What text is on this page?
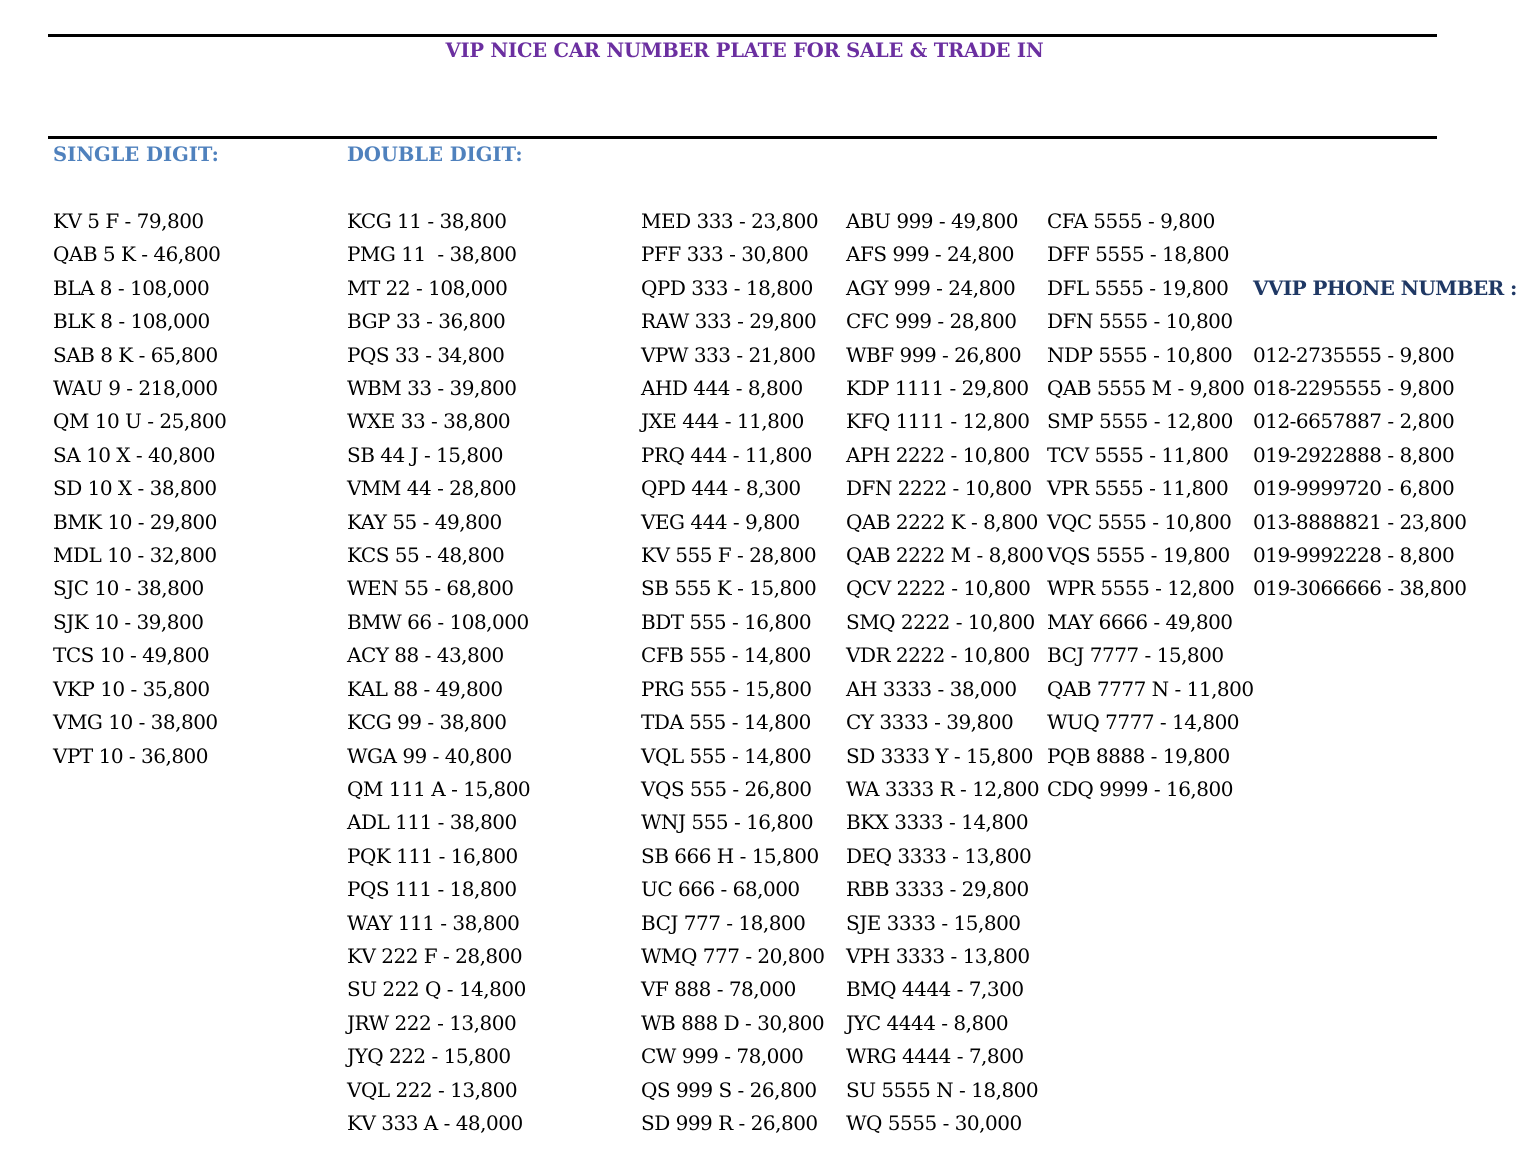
VIP NICE CAR NUMBER PLATE FOR SALE & TRADE IN
SINGLE DIGIT:	DOUBLE DIGIT:
KV 5 F - 79,800
QAB 5 K - 46,800
BLA 8 - 108,000
BLK 8 - 108,000
SAB 8 K - 65,800
WAU 9 - 218,000
QM 10 U - 25,800
SA 10 X - 40,800
SD 10 X - 38,800
BMK 10 - 29,800
MDL 10 - 32,800
SJC 10 - 38,800
SJK 10 - 39,800
TCS 10 - 49,800
VKP 10 - 35,800
VMG 10 - 38,800
VPT 10 - 36,800
KCG 11 - 38,800
PMG 11  - 38,800
MT 22 - 108,000
BGP 33 - 36,800
PQS 33 - 34,800
WBM 33 - 39,800
WXE 33 - 38,800
SB 44 J - 15,800
VMM 44 - 28,800
KAY 55 - 49,800
KCS 55 - 48,800
WEN 55 - 68,800
BMW 66 - 108,000
ACY 88 - 43,800
KAL 88 - 49,800
KCG 99 - 38,800
WGA 99 - 40,800
QM 111 A - 15,800
ADL 111 - 38,800
PQK 111 - 16,800
PQS 111 - 18,800
WAY 111 - 38,800
KV 222 F - 28,800
SU 222 Q - 14,800
JRW 222 - 13,800
JYQ 222 - 15,800
VQL 222 - 13,800
KV 333 A - 48,000
MED 333 - 23,800
PFF 333 - 30,800
QPD 333 - 18,800
RAW 333 - 29,800
VPW 333 - 21,800
AHD 444 - 8,800
JXE 444 - 11,800
PRQ 444 - 11,800
QPD 444 - 8,300
VEG 444 - 9,800
KV 555 F - 28,800
SB 555 K - 15,800
BDT 555 - 16,800
CFB 555 - 14,800
PRG 555 - 15,800
TDA 555 - 14,800
VQL 555 - 14,800
VQS 555 - 26,800
WNJ 555 - 16,800
SB 666 H - 15,800
UC 666 - 68,000
BCJ 777 - 18,800
WMQ 777 - 20,800
VF 888 - 78,000
WB 888 D - 30,800
CW 999 - 78,000
QS 999 S - 26,800
SD 999 R - 26,800
ABU 999 - 49,800
AFS 999 - 24,800
AGY 999 - 24,800
CFC 999 - 28,800
WBF 999 - 26,800
KDP 1111 - 29,800
KFQ 1111 - 12,800
APH 2222 - 10,800
DFN 2222 - 10,800
QAB 2222 K - 8,800
QAB 2222 M - 8,800
QCV 2222 - 10,800
SMQ 2222 - 10,800
VDR 2222 - 10,800
AH 3333 - 38,000
CY 3333 - 39,800
SD 3333 Y - 15,800
WA 3333 R - 12,800
BKX 3333 - 14,800
DEQ 3333 - 13,800
RBB 3333 - 29,800
SJE 3333 - 15,800
VPH 3333 - 13,800
BMQ 4444 - 7,300
JYC 4444 - 8,800
WRG 4444 - 7,800
SU 5555 N - 18,800
WQ 5555 - 30,000
CFA 5555 - 9,800
DFF 5555 - 18,800
DFL 5555 - 19,800
DFN 5555 - 10,800
NDP 5555 - 10,800
QAB 5555 M - 9,800
SMP 5555 - 12,800
TCV 5555 - 11,800
VPR 5555 - 11,800
VQC 5555 - 10,800
VQS 5555 - 19,800
WPR 5555 - 12,800
MAY 6666 - 49,800
BCJ 7777 - 15,800
QAB 7777 N - 11,800
WUQ 7777 - 14,800
PQB 8888 - 19,800
CDQ 9999 - 16,800

VVIP PHONE NUMBER :

012-2735555 - 9,800
018-2295555 - 9,800
012-6657887 - 2,800
019-2922888 - 8,800
019-9999720 - 6,800
013-8888821 - 23,800
019-9992228 - 8,800
019-3066666 - 38,800
